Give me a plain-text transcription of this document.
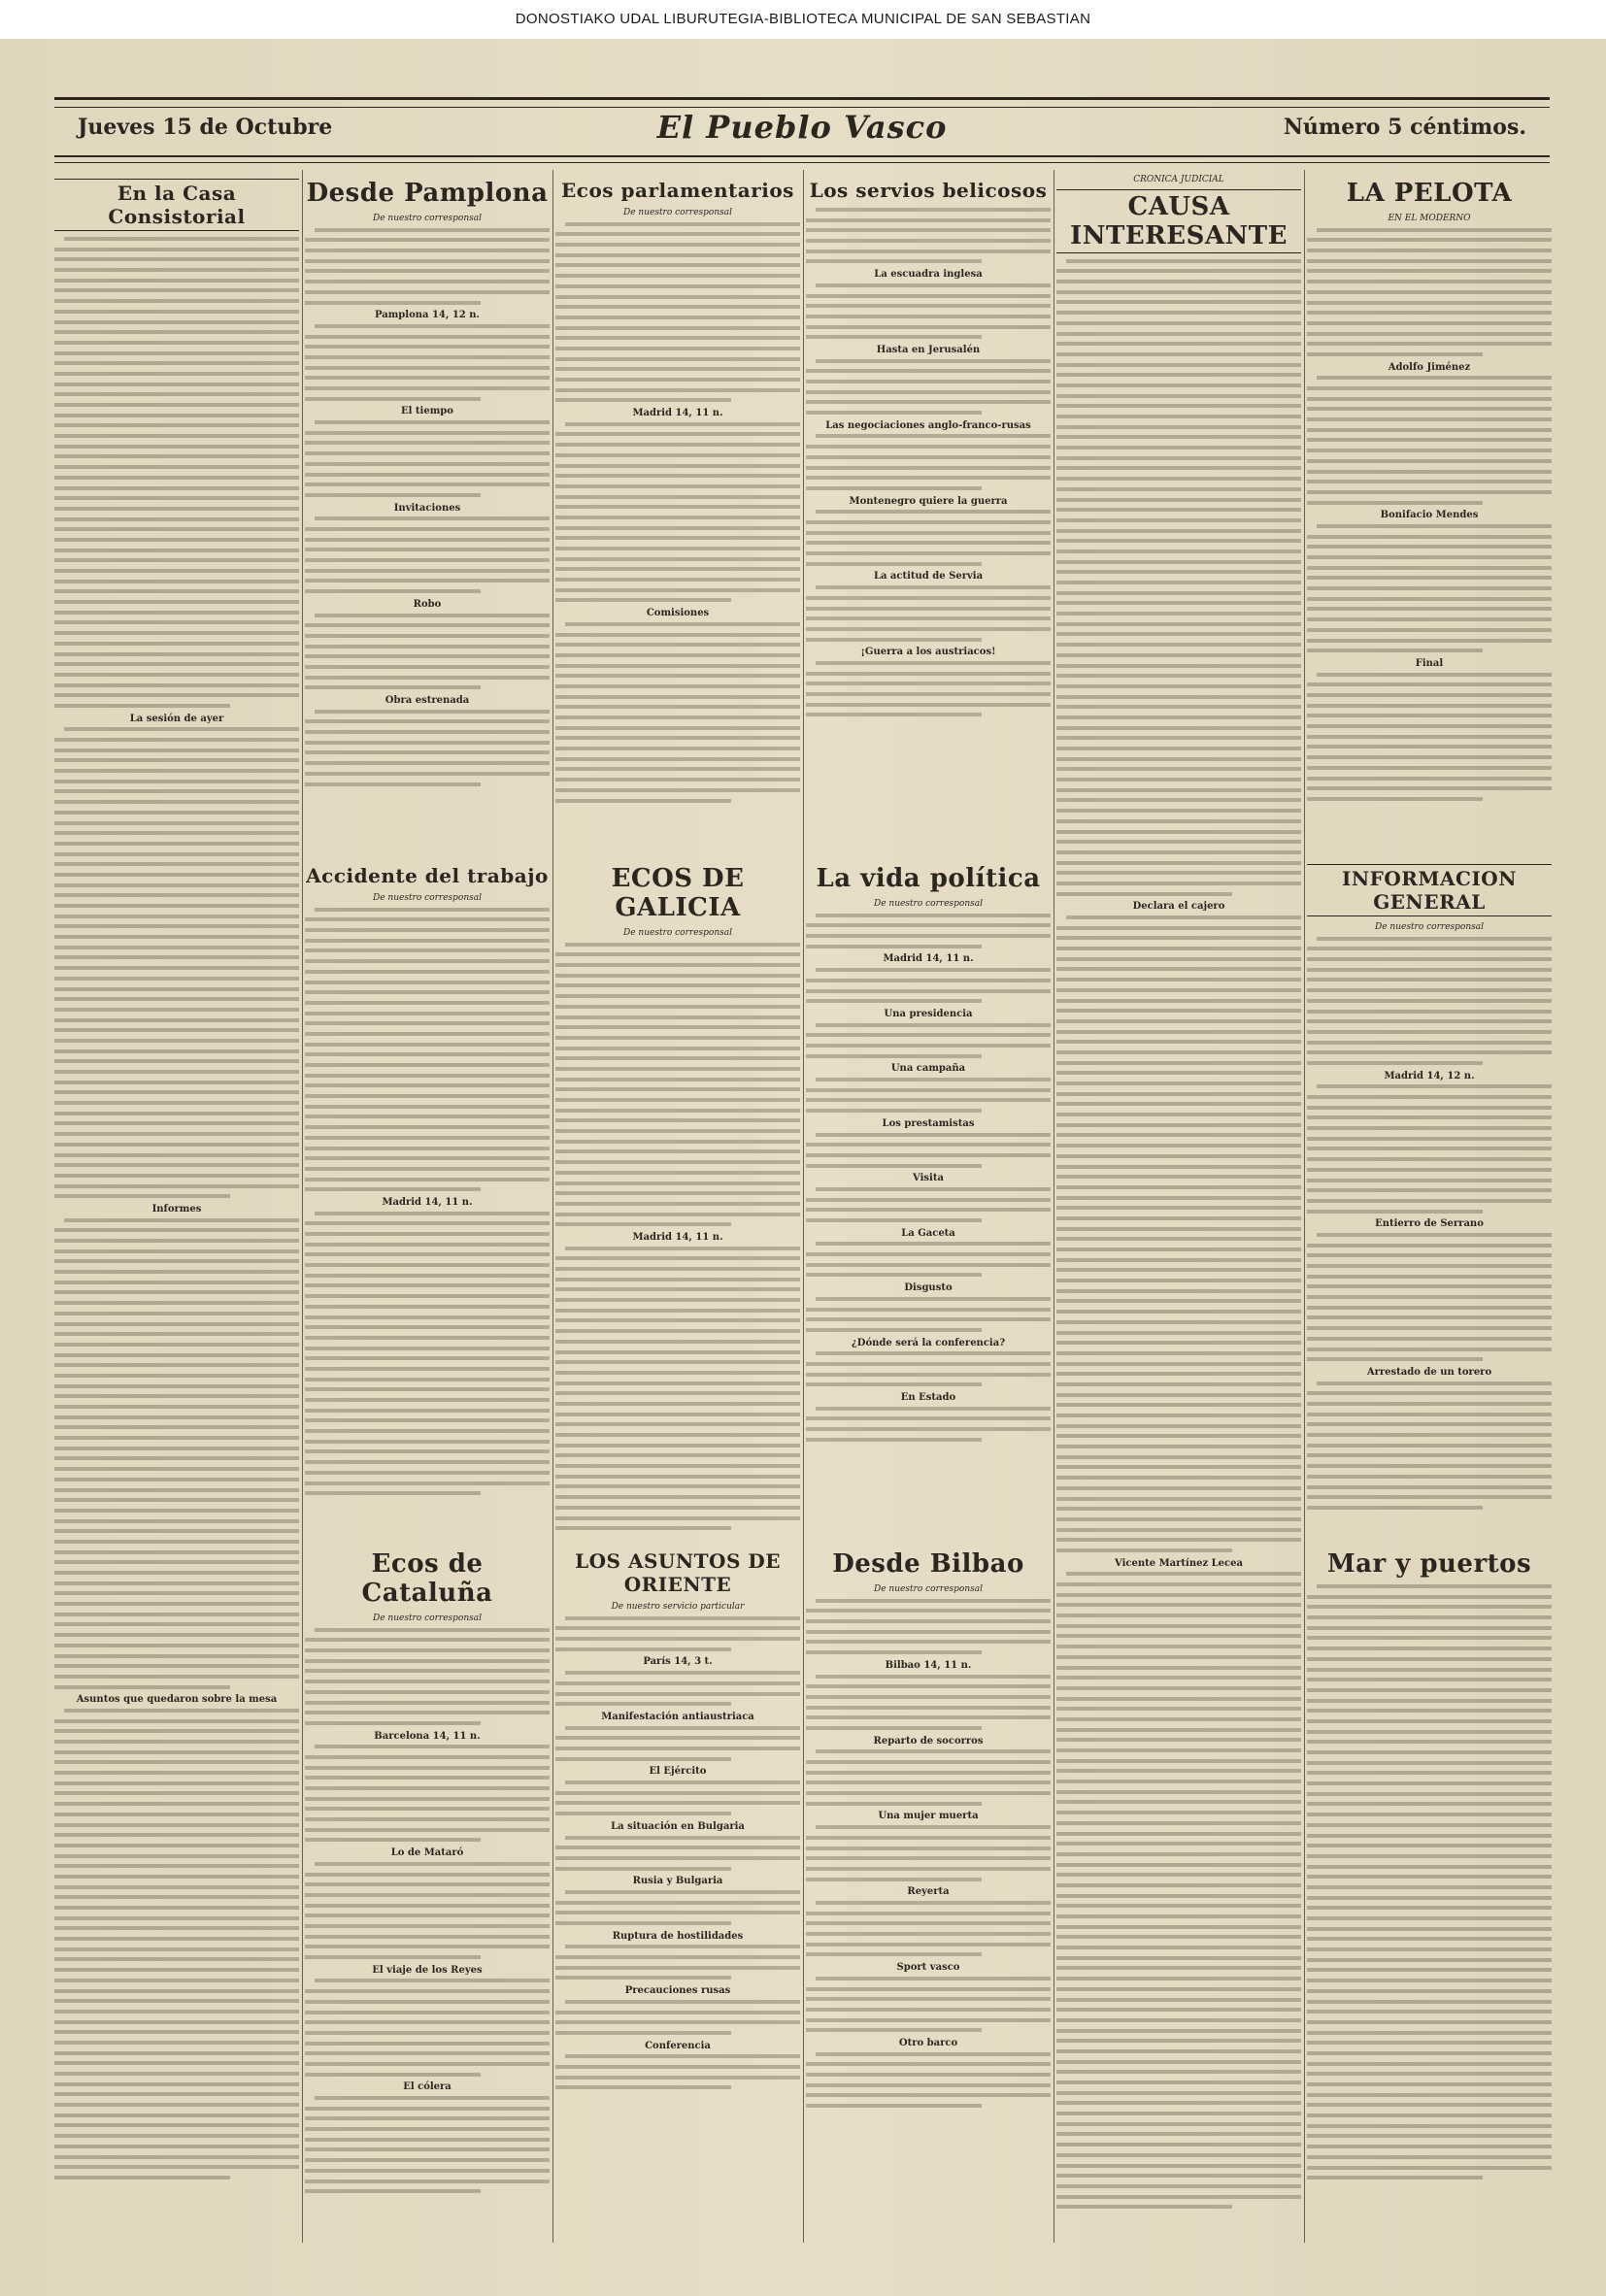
DONOSTIAKO UDAL LIBURUTEGIA-BIBLIOTECA MUNICIPAL DE SAN SEBASTIAN
Jueves 15 de Octubre	El Pueblo Vasco	Número 5 céntimos.
En la Casa Consistorial
La sesión de ayer
Informes
Asuntos que quedaron sobre la mesa
Desde Pamplona
De nuestro corresponsal
Pamplona 14, 12 n.
El tiempo
Invitaciones
Robo
Obra estrenada
Accidente del trabajo
De nuestro corresponsal
Madrid 14, 11 n.
Ecos de Cataluña
De nuestro corresponsal
Barcelona 14, 11 n.
Lo de Mataró
El viaje de los Reyes
El cólera
Ecos parlamentarios
De nuestro corresponsal
Madrid 14, 11 n.
Comisiones
ECOS DE GALICIA
De nuestro corresponsal
Madrid 14, 11 n.
LOS ASUNTOS DE ORIENTE
De nuestro servicio particular
París 14, 3 t.
Manifestación antiaustriaca
El Ejército
La situación en Bulgaria
Rusia y Bulgaria
Ruptura de hostilidades
Precauciones rusas
Conferencia
Los servios belicosos
La escuadra inglesa
Hasta en Jerusalén
Las negociaciones anglo-franco-rusas
Montenegro quiere la guerra
La actitud de Servia
¡Guerra a los austriacos!
La vida política
De nuestro corresponsal
Madrid 14, 11 n.
Una presidencia
Una campaña
Los prestamistas
Visita
La Gaceta
Disgusto
¿Dónde será la conferencia?
En Estado
Desde Bilbao
De nuestro corresponsal
Bilbao 14, 11 n.
Reparto de socorros
Una mujer muerta
Reyerta
Sport vasco
Otro barco
CRÓNICA JUDICIAL
CAUSA INTERESANTE
Declara el cajero
Vicente Martínez Lecea
LA PELOTA
EN EL MODERNO
Adolfo Jiménez
Bonifacio Mendes
Final
INFORMACION GENERAL
De nuestro corresponsal
Madrid 14, 12 n.
Entierro de Serrano
Arrestado de un torero
Mar y puertos
